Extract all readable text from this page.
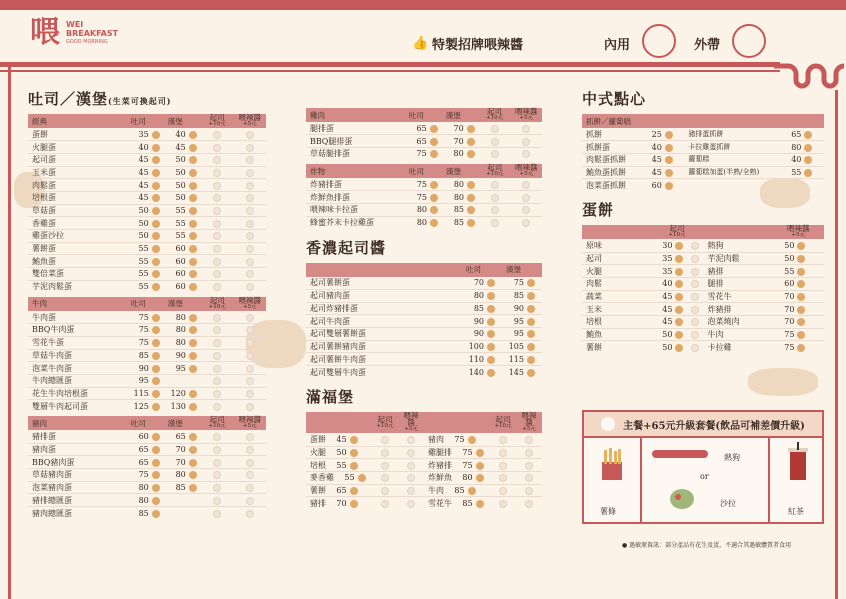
喂 WEI
BREAKFAST
GOOD MORNING	👍 特製招牌喂辣醬	內用	外帶
吐司／漢堡(生菜可換起司)
經典	吐司	漢堡	起司
+10元	喂辣醬
+5元

蛋餅	35	40		
火腿蛋	40	45		
起司蛋	45	50		
玉米蛋	45	50		
肉鬆蛋	45	50		
培根蛋	45	50		
草菇蛋	50	55		
香雞蛋	50	55		
雞蛋沙拉	50	55		
薯餅蛋	55	60		
鮪魚蛋	55	60		
雙倍菜蛋	55	60		
芋泥肉鬆蛋	55	60		
牛肉	吐司	漢堡	起司
+10元	喂辣醬
+5元

牛肉蛋	75	80		
BBQ牛肉蛋	75	80		
雪花牛蛋	75	80		
草菇牛肉蛋	85	90		
泡菜牛肉蛋	90	95		
牛肉總匯蛋	95			
花生牛肉培根蛋	115	120		
雙層牛肉起司蛋	125	130		
豬肉	吐司	漢堡	起司
+10元	喂辣醬
+5元

豬排蛋	60	65		
豬肉蛋	65	70		
BBQ豬肉蛋	65	70		
草菇豬肉蛋	75	80		
泡菜豬肉蛋	80	85		
豬排總匯蛋	80			
豬肉總匯蛋	85			
雞肉	吐司	漢堡	起司
+10元	喂辣醬
+5元

腿排蛋	65	70		
BBQ腿排蛋	65	70		
草菇腿排蛋	75	80		
炸物	吐司	漢堡	起司
+10元	喂辣醬
+5元

炸豬排蛋	75	80		
炸鮮魚排蛋	75	80		
喂辣味卡拉蛋	80	85		
蜂蜜芥末卡拉雞蛋	80	85		
香濃起司醬
	吐司	漢堡
起司薯餅蛋	70	75
起司豬肉蛋	80	85
起司炸豬排蛋	85	90
起司牛肉蛋	90	95
起司雙層薯餅蛋	90	95
起司薯餅豬肉蛋	100	105
起司薯餅牛肉蛋	110	115
起司雙層牛肉蛋	140	145
滿福堡
	起司
+10元	喂辣醬
+5元		起司
+10元	喂辣醬
+5元

蛋餅 45			豬肉 75		
火腿 50			雞腿排 75		
培根 55			炸豬排 75		
麥香雞 55			炸鮮魚 80		
薯餅 65			牛肉 85		
豬排 70			雪花牛 85		
中式點心
抓餅／蘿蔔糕			
抓餅	25	豬排蛋抓餅	65
抓餅蛋	40	卡拉雞蛋抓餅	80
肉鬆蛋抓餅	45	蘿蔔糕	40
鮪魚蛋抓餅	45	蘿蔔糕加蛋(半熟/全熟)	55
泡菜蛋抓餅	60		
蛋餅
	起司
+10元			喂辣醬
+5元

原味	30		熱狗	50
起司	35		芋泥肉鬆	50
火腿	35		豬排	55
肉鬆	40		腿排	60
蔬菜	45		雪花牛	70
玉米	45		炸豬排	70
培根	45		泡菜燒肉	70
鮪魚	50		牛肉	75
薯餅	50		卡拉雞	75
主餐+65元升級套餐(飲品可補差價升級)
薯條
熱狗
or
沙拉
紅茶
● 過敏原資訊：部分產品有花生及蛋，不適合其過敏體質者食用
